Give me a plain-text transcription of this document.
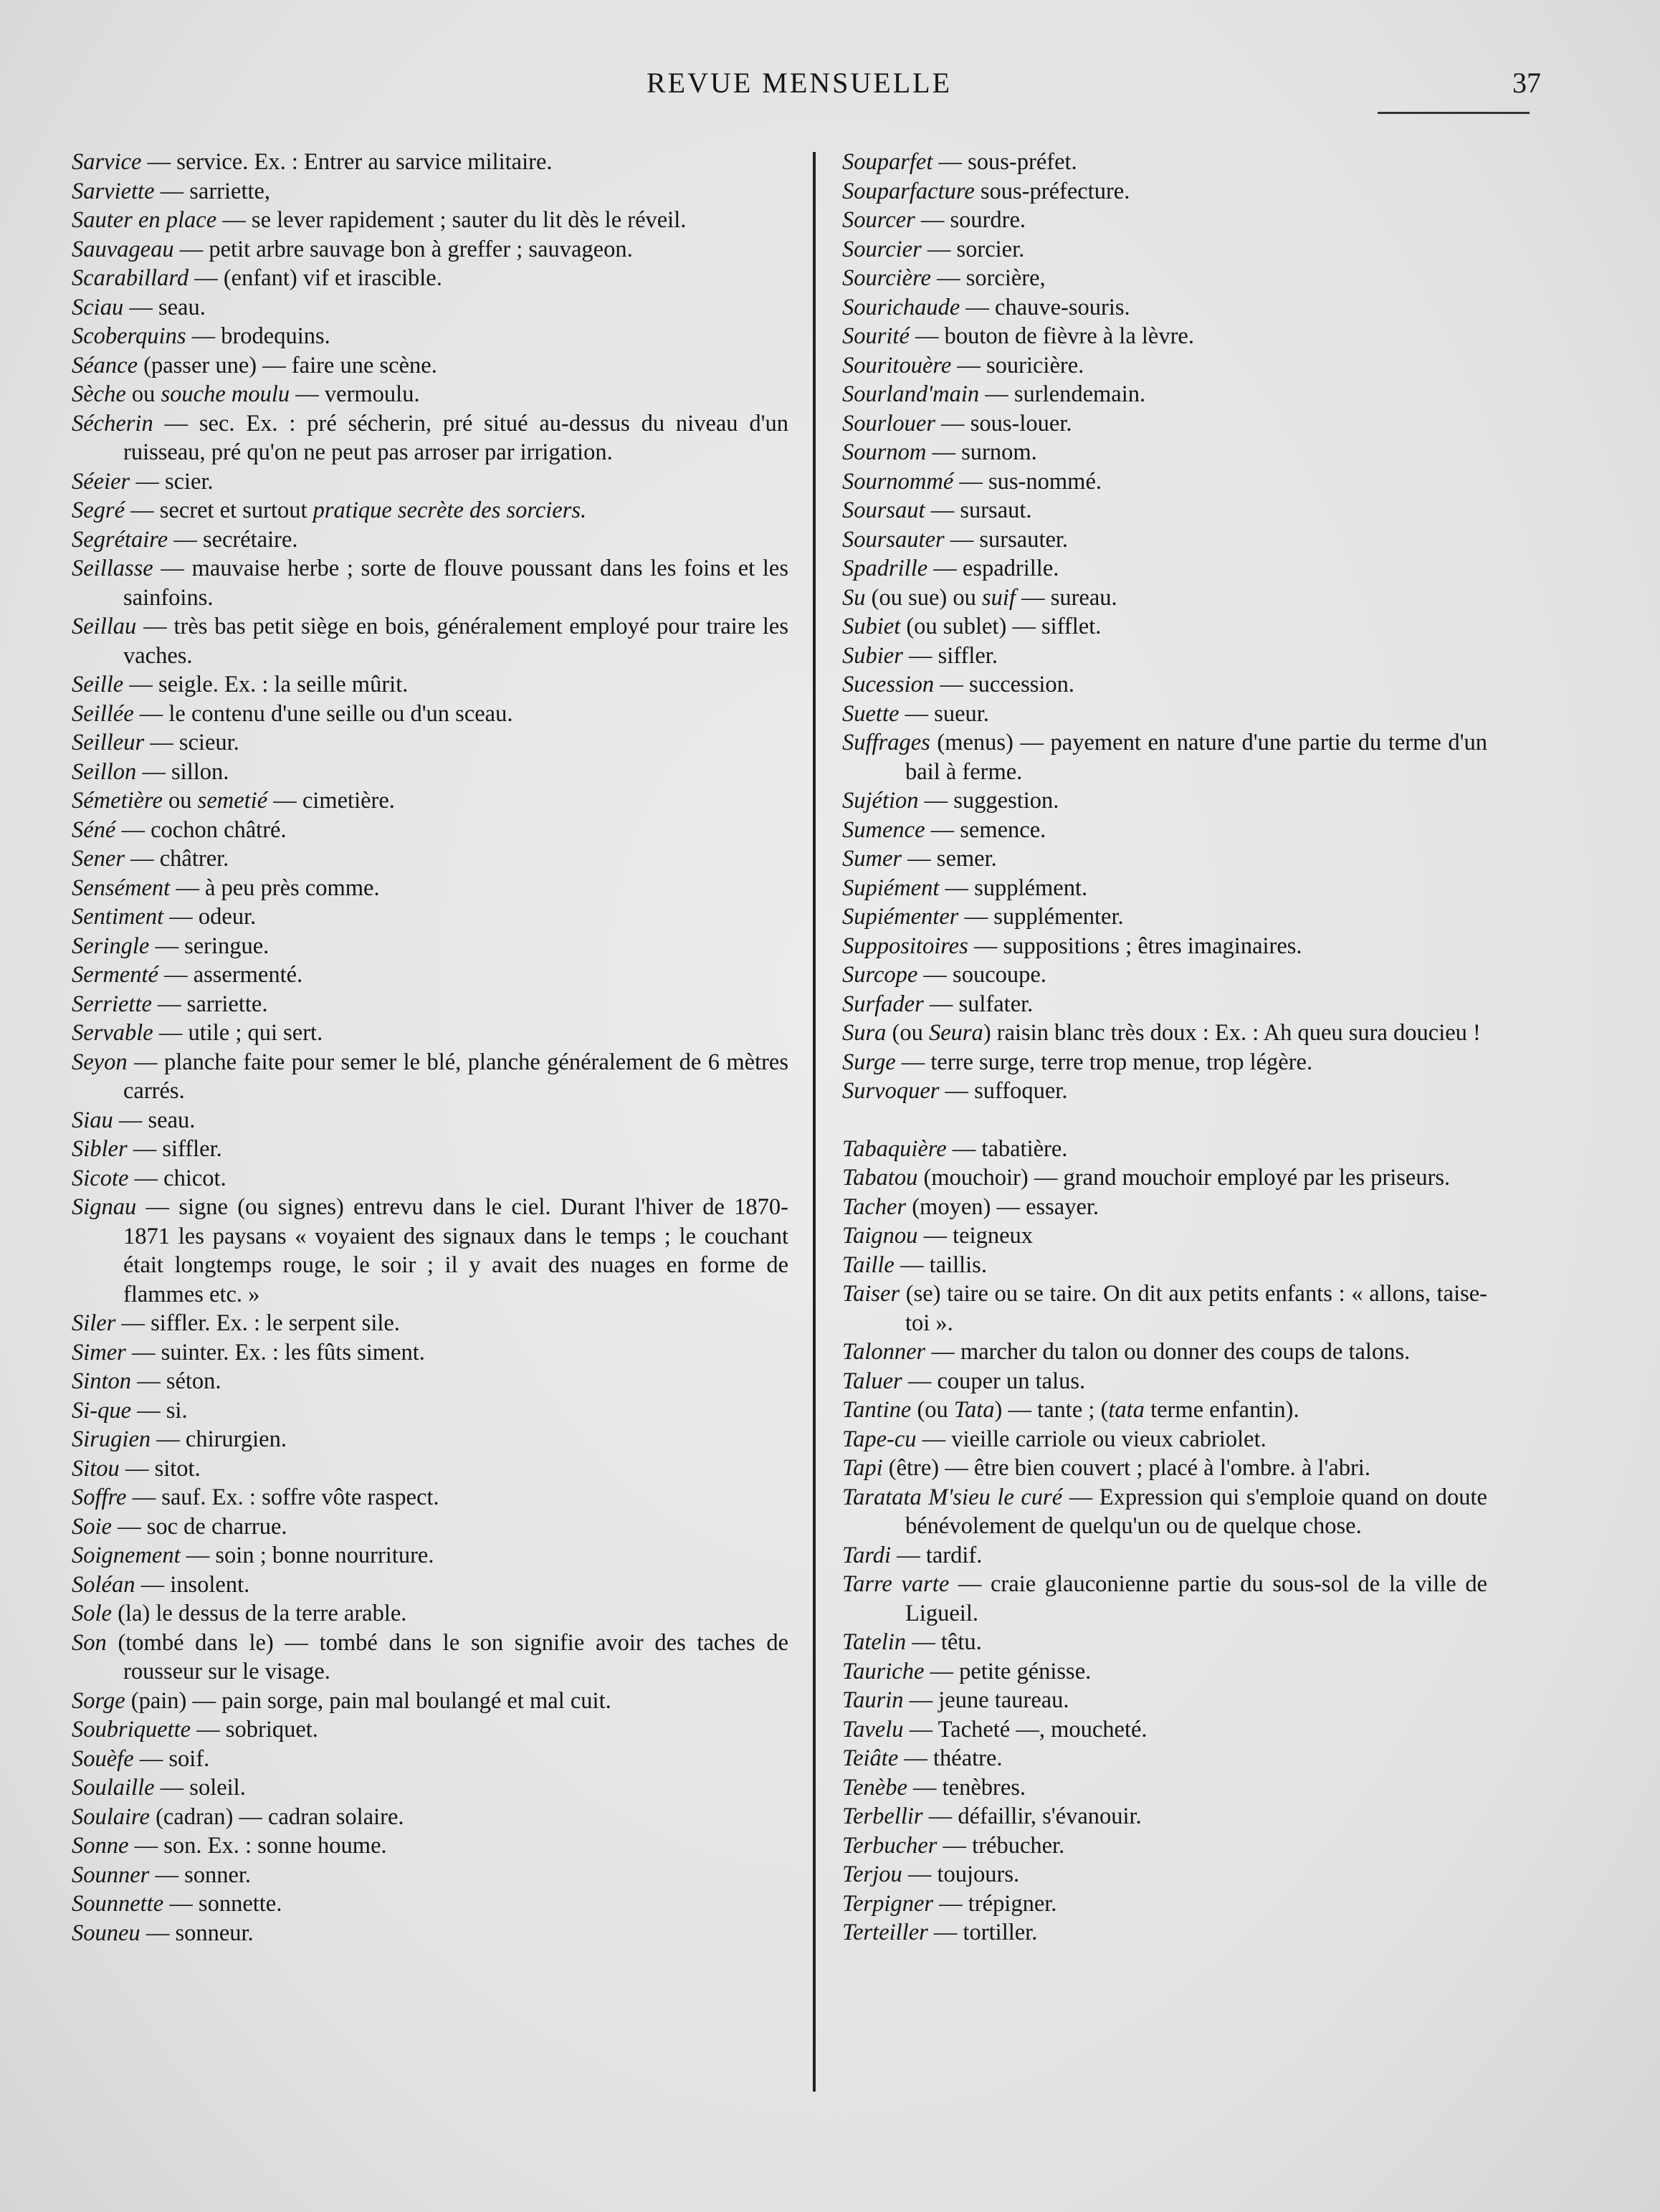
REVUE MENSUELLE	37

Sarvice — service. Ex. : Entrer au sarvice militaire.

Sarviette — sarriette,

Sauter en place — se lever rapidement ; sauter du lit dès le réveil.

Sauvageau — petit arbre sauvage bon à greffer ; sauvageon.

Scarabillard — (enfant) vif et irascible.

Sciau — seau.

Scoberquins — brodequins.

Séance (passer une) — faire une scène.

Sèche ou souche moulu — vermoulu.

Sécherin — sec. Ex. : pré sécherin, pré situé au-dessus du niveau d'un ruisseau, pré qu'on ne peut pas arroser par irrigation.

Séeier — scier.

Segré — secret et surtout pratique secrète des sorciers.

Segrétaire — secrétaire.

Seillasse — mauvaise herbe ; sorte de flouve poussant dans les foins et les sainfoins.

Seillau — très bas petit siège en bois, généralement employé pour traire les vaches.

Seille — seigle. Ex. : la seille mûrit.

Seillée — le contenu d'une seille ou d'un sceau.

Seilleur — scieur.

Seillon — sillon.

Sémetière ou semetié — cimetière.

Séné — cochon châtré.

Sener — châtrer.

Sensément — à peu près comme.

Sentiment — odeur.

Seringle — seringue.

Sermenté — assermenté.

Serriette — sarriette.

Servable — utile ; qui sert.

Seyon — planche faite pour semer le blé, planche généralement de 6 mètres carrés.

Siau — seau.

Sibler — siffler.

Sicote — chicot.

Signau — signe (ou signes) entrevu dans le ciel. Durant l'hiver de 1870-1871 les paysans « voyaient des signaux dans le temps ; le couchant était longtemps rouge, le soir ; il y avait des nuages en forme de flammes etc. »

Siler — siffler. Ex. : le serpent sile.

Simer — suinter. Ex. : les fûts siment.

Sinton — séton.

Si-que — si.

Sirugien — chirurgien.

Sitou — sitot.

Soffre — sauf. Ex. : soffre vôte raspect.

Soie — soc de charrue.

Soignement — soin ; bonne nourriture.

Soléan — insolent.

Sole (la) le dessus de la terre arable.

Son (tombé dans le) — tombé dans le son signifie avoir des taches de rousseur sur le visage.

Sorge (pain) — pain sorge, pain mal boulangé et mal cuit.

Soubriquette — sobriquet.

Souèfe — soif.

Soulaille — soleil.

Soulaire (cadran) — cadran solaire.

Sonne — son. Ex. : sonne houme.

Sounner — sonner.

Sounnette — sonnette.

Souneu — sonneur.

Souparfet — sous-préfet.

Souparfacture sous-préfecture.

Sourcer — sourdre.

Sourcier — sorcier.

Sourcière — sorcière,

Sourichaude — chauve-souris.

Sourité — bouton de fièvre à la lèvre.

Souritouère — souricière.

Sourland'main — surlendemain.

Sourlouer — sous-louer.

Sournom — surnom.

Sournommé — sus-nommé.

Soursaut — sursaut.

Soursauter — sursauter.

Spadrille — espadrille.

Su (ou sue) ou suif — sureau.

Subiet (ou sublet) — sifflet.

Subier — siffler.

Sucession — succession.

Suette — sueur.

Suffrages (menus) — payement en nature d'une partie du terme d'un bail à ferme.

Sujétion — suggestion.

Sumence — semence.

Sumer — semer.

Supiément — supplément.

Supiémenter — supplémenter.

Suppositoires — suppositions ; êtres imaginaires.

Surcope — soucoupe.

Surfader — sulfater.

Sura (ou Seura) raisin blanc très doux : Ex. : Ah queu sura doucieu !

Surge — terre surge, terre trop menue, trop légère.

Survoquer — suffoquer.

Tabaquière — tabatière.

Tabatou (mouchoir) — grand mouchoir employé par les priseurs.

Tacher (moyen) — essayer.

Taignou — teigneux

Taille — taillis.

Taiser (se) taire ou se taire. On dit aux petits enfants : « allons, taise-toi ».

Talonner — marcher du talon ou donner des coups de talons.

Taluer — couper un talus.

Tantine (ou Tata) — tante ; (tata terme enfantin).

Tape-cu — vieille carriole ou vieux cabriolet.

Tapi (être) — être bien couvert ; placé à l'ombre. à l'abri.

Taratata M'sieu le curé — Expression qui s'emploie quand on doute bénévolement de quelqu'un ou de quelque chose.

Tardi — tardif.

Tarre varte — craie glauconienne partie du sous-sol de la ville de Ligueil.

Tatelin — têtu.

Tauriche — petite génisse.

Taurin — jeune taureau.

Tavelu — Tacheté —, moucheté.

Teiâte — théatre.

Tenèbe — tenèbres.

Terbellir — défaillir, s'évanouir.

Terbucher — trébucher.

Terjou — toujours.

Terpigner — trépigner.

Terteiller — tortiller.
